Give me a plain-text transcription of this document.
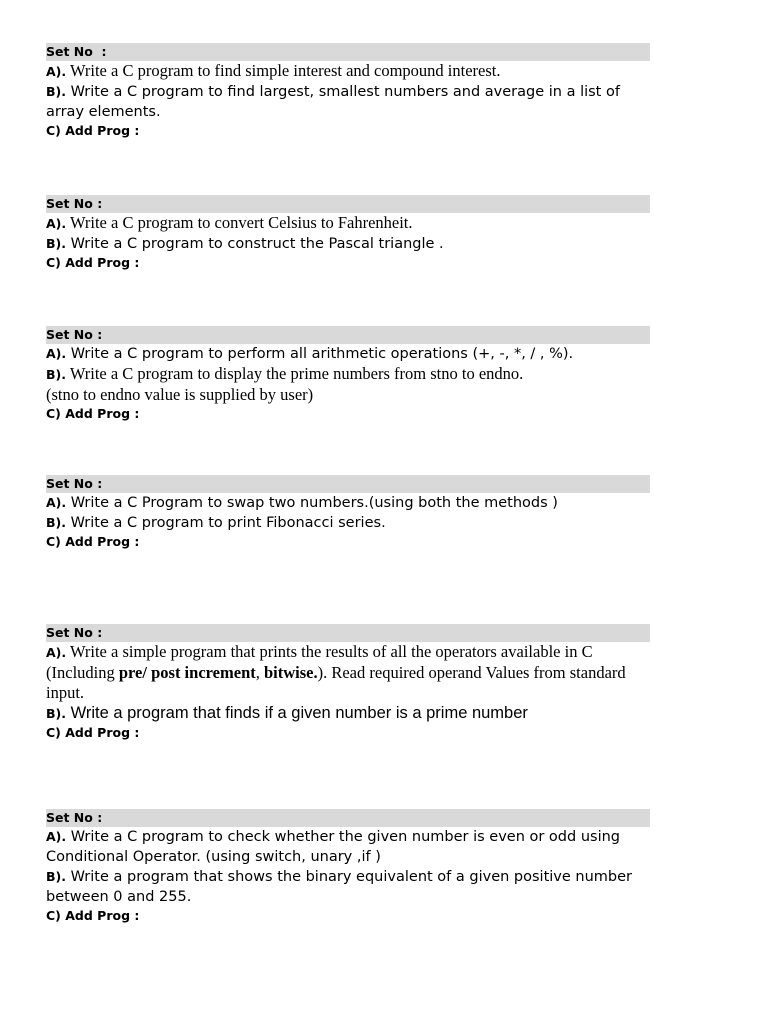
Set No  :

A). Write a C program to find simple interest and compound interest.

B). Write a C program to find largest, smallest numbers and average in a list of array elements.

C) Add Prog :
Set No :

A). Write a C program to convert Celsius to Fahrenheit.

B). Write a C program to construct the Pascal triangle .

C) Add Prog :
Set No :

A). Write a C program to perform all arithmetic operations (+, -, *, / , %).

B). Write a C program to display the prime numbers from stno to endno.

(stno to endno value is supplied by user)

C) Add Prog :
Set No :

A). Write a C Program to swap two numbers.(using both the methods )

B). Write a C program to print Fibonacci series.

C) Add Prog :
Set No :

A). Write a simple program that prints the results of all the operators available in C (Including pre/ post increment, bitwise.). Read required operand Values from standard input.

B). Write a program that finds if a given number is a prime number

C) Add Prog :
Set No :

A). Write a C program to check whether the given number is even or odd using Conditional Operator. (using switch, unary ,if )

B). Write a program that shows the binary equivalent of a given positive number between 0 and 255.

C) Add Prog :
